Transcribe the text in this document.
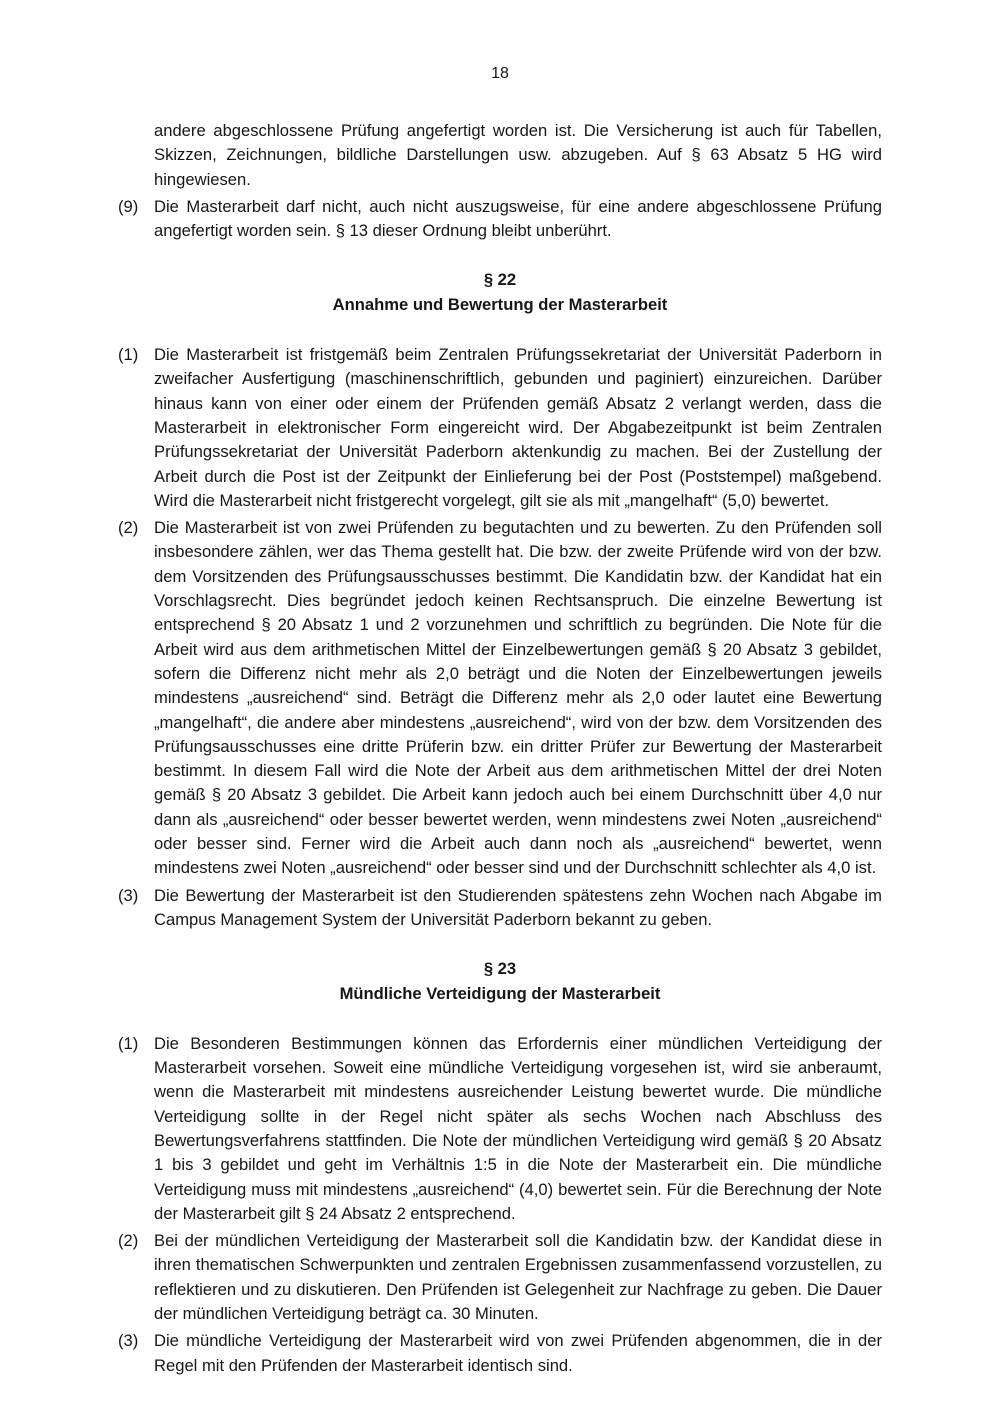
18
andere abgeschlossene Prüfung angefertigt worden ist. Die Versicherung ist auch für Tabellen, Skizzen, Zeichnungen, bildliche Darstellungen usw. abzugeben. Auf § 63 Absatz 5 HG wird hingewiesen.
(9) Die Masterarbeit darf nicht, auch nicht auszugsweise, für eine andere abgeschlossene Prüfung angefertigt worden sein. § 13 dieser Ordnung bleibt unberührt.
§ 22
Annahme und Bewertung der Masterarbeit
(1) Die Masterarbeit ist fristgemäß beim Zentralen Prüfungssekretariat der Universität Paderborn in zweifacher Ausfertigung (maschinenschriftlich, gebunden und paginiert) einzureichen. Darüber hinaus kann von einer oder einem der Prüfenden gemäß Absatz 2 verlangt werden, dass die Masterarbeit in elektronischer Form eingereicht wird. Der Abgabezeitpunkt ist beim Zentralen Prüfungssekretariat der Universität Paderborn aktenkundig zu machen. Bei der Zustellung der Arbeit durch die Post ist der Zeitpunkt der Einlieferung bei der Post (Poststempel) maßgebend. Wird die Masterarbeit nicht fristgerecht vorgelegt, gilt sie als mit „mangelhaft“ (5,0) bewertet.
(2) Die Masterarbeit ist von zwei Prüfenden zu begutachten und zu bewerten. Zu den Prüfenden soll insbesondere zählen, wer das Thema gestellt hat. Die bzw. der zweite Prüfende wird von der bzw. dem Vorsitzenden des Prüfungsausschusses bestimmt. Die Kandidatin bzw. der Kandidat hat ein Vorschlagsrecht. Dies begründet jedoch keinen Rechtsanspruch. Die einzelne Bewertung ist entsprechend § 20 Absatz 1 und 2 vorzunehmen und schriftlich zu begründen. Die Note für die Arbeit wird aus dem arithmetischen Mittel der Einzelbewertungen gemäß § 20 Absatz 3 gebildet, sofern die Differenz nicht mehr als 2,0 beträgt und die Noten der Einzelbewertungen jeweils mindestens „ausreichend“ sind. Beträgt die Differenz mehr als 2,0 oder lautet eine Bewertung „mangelhaft“, die andere aber mindestens „ausreichend“, wird von der bzw. dem Vorsitzenden des Prüfungsausschusses eine dritte Prüferin bzw. ein dritter Prüfer zur Bewertung der Masterarbeit bestimmt. In diesem Fall wird die Note der Arbeit aus dem arithmetischen Mittel der drei Noten gemäß § 20 Absatz 3 gebildet. Die Arbeit kann jedoch auch bei einem Durchschnitt über 4,0 nur dann als „ausreichend“ oder besser bewertet werden, wenn mindestens zwei Noten „ausreichend“ oder besser sind. Ferner wird die Arbeit auch dann noch als „ausreichend“ bewertet, wenn mindestens zwei Noten „ausreichend“ oder besser sind und der Durchschnitt schlechter als 4,0 ist.
(3) Die Bewertung der Masterarbeit ist den Studierenden spätestens zehn Wochen nach Abgabe im Campus Management System der Universität Paderborn bekannt zu geben.
§ 23
Mündliche Verteidigung der Masterarbeit
(1) Die Besonderen Bestimmungen können das Erfordernis einer mündlichen Verteidigung der Masterarbeit vorsehen. Soweit eine mündliche Verteidigung vorgesehen ist, wird sie anberaumt, wenn die Masterarbeit mit mindestens ausreichender Leistung bewertet wurde. Die mündliche Verteidigung sollte in der Regel nicht später als sechs Wochen nach Abschluss des Bewertungsverfahrens stattfinden. Die Note der mündlichen Verteidigung wird gemäß § 20 Absatz 1 bis 3 gebildet und geht im Verhältnis 1:5 in die Note der Masterarbeit ein. Die mündliche Verteidigung muss mit mindestens „ausreichend“ (4,0) bewertet sein. Für die Berechnung der Note der Masterarbeit gilt § 24 Absatz 2 entsprechend.
(2) Bei der mündlichen Verteidigung der Masterarbeit soll die Kandidatin bzw. der Kandidat diese in ihren thematischen Schwerpunkten und zentralen Ergebnissen zusammenfassend vorzustellen, zu reflektieren und zu diskutieren. Den Prüfenden ist Gelegenheit zur Nachfrage zu geben. Die Dauer der mündlichen Verteidigung beträgt ca. 30 Minuten.
(3) Die mündliche Verteidigung der Masterarbeit wird von zwei Prüfenden abgenommen, die in der Regel mit den Prüfenden der Masterarbeit identisch sind.
